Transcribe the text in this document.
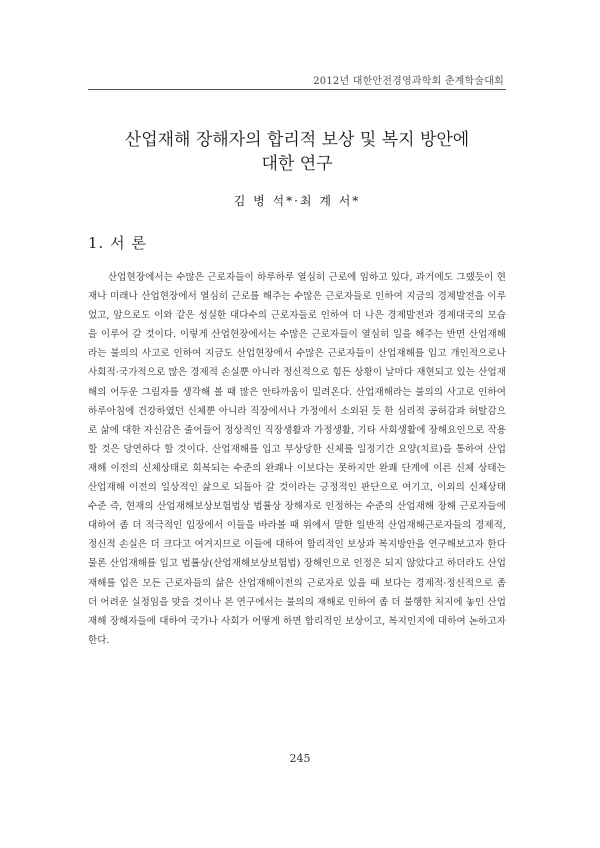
2012년 대한안전경영과학회 춘계학술대회
산업재해 장해자의 합리적 보상 및 복지 방안에
대한 연구
김 병 석*·최 계 서*
1. 서 론

산업현장에서는 수많은 근로자들이 하루하루 열심히 근로에 임하고 있다, 과거에도 그랬듯이 현재나 미래나 산업현장에서 열심히 근로를 해주는 수많은 근로자들로 인하여 지금의 경제발전을 이루었고, 앞으로도 이와 같은 성실한 대다수의 근로자들로 인하여 더 나은 경제발전과 경제대국의 모습을 이루어 갈 것이다. 이렇게 산업현장에서는 수많은 근로자들이 열심히 일을 해주는 반면 산업재해라는 불의의 사고로 인하여 지금도 산업현장에서 수많은 근로자들이 산업재해를 입고 개인적으로나 사회적·국가적으로 많은 경제적 손실뿐 아니라 정신적으로 힘든 상황이 날마다 재현되고 있는 산업재해의 어두운 그림자를 생각해 볼 때 많은 안타까움이 밀려온다. 산업재해라는 불의의 사고로 인하여 하루아침에 건강하였던 신체뿐 아니라 직장에서나 가정에서 소외된 듯 한 심리적 공허감과 허탈감으로 삶에 대한 자신감은 줄어들어 정상적인 직장생활과 가정생활, 기타 사회생활에 장해요인으로 작용할 것은 당연하다 할 것이다. 산업재해를 입고 부상당한 신체를 일정기간 요양(치료)을 통하여 산업재해 이전의 신체상태로 회복되는 수준의 완쾌나 이보다는 못하지만 완쾌 단계에 이른 신체 상태는 산업재해 이전의 일상적인 삶으로 되돌아 갈 것이라는 긍정적인 판단으로 여기고, 이외의 신체상태 수준 즉, 현재의 산업재해보상보험법상 법률상 장해자로 인정하는 수준의 산업재해 장해 근로자들에 대하여 좀 더 적극적인 입장에서 이들을 바라볼 때 위에서 말한 일반적 산업재해근로자들의 경제적, 정신적 손실은 더 크다고 여겨지므로 이들에 대하여 합리적인 보상과 복지방안을 연구해보고자 한다 물론 산업재해를 입고 법률상(산업재해보상보험법) 장해인으로 인정은 되지 않았다고 하더라도 산업재해를 입은 모든 근로자들의 삶은 산업재해이전의 근로자로 있을 때 보다는 경제적·정신적으로 좀 더 어려운 실정임을 맞을 것이나 본 연구에서는 불의의 재해로 인하여 좀 더 불행한 처지에 놓인 산업재해 장해자들에 대하여 국가나 사회가 어떻게 하면 합리적인 보상이고, 복지인지에 대하여 논하고자 한다.

245
